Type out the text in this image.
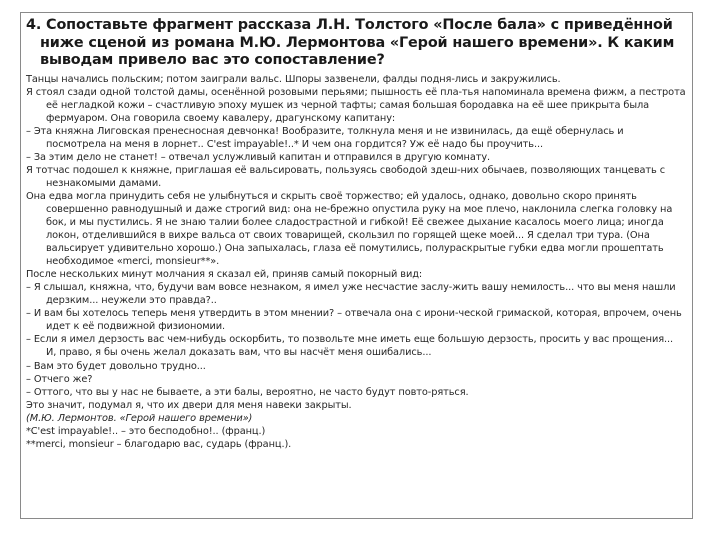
4. Сопоставьте фрагмент рассказа Л.Н. Толстого «После бала» с приведённой ниже сценой из романа М.Ю. Лермонтова «Герой нашего времени». К каким выводам привело вас это сопоставление?

Танцы начались польским; потом заиграли вальс. Шпоры зазвенели, фалды подня-лись и закружились.

Я стоял сзади одной толстой дамы, осенённой розовыми перьями; пышность её пла-тья напоминала времена фижм, а пестрота её негладкой кожи – счастливую эпоху мушек из черной тафты; самая большая бородавка на её шее прикрыта была фермуаром. Она говорила своему кавалеру, драгунскому капитану:

– Эта княжна Лиговская пренесносная девчонка! Вообразите, толкнула меня и не извинилась, да ещё обернулась и посмотрела на меня в лорнет.. C'est impayable!..* И чем она гордится? Уж её надо бы проучить...

– За этим дело не станет! – отвечал услужливый капитан и отправился в другую комнату.

Я тотчас подошел к княжне, приглашая её вальсировать, пользуясь свободой здеш-них обычаев, позволяющих танцевать с незнакомыми дамами.

Она едва могла принудить себя не улыбнуться и скрыть своё торжество; ей удалось, однако, довольно скоро принять совершенно равнодушный и даже строгий вид: она не-брежно опустила руку на мое плечо, наклонила слегка головку на бок, и мы пустились. Я не знаю талии более сладострастной и гибкой! Её свежее дыхание касалось моего лица; иногда локон, отделившийся в вихре вальса от своих товарищей, скользил по горящей щеке моей... Я сделал три тура. (Она вальсирует удивительно хорошо.) Она запыхалась, глаза её помутились, полураскрытые губки едва могли прошептать необходимое «merci, monsieur**».

После нескольких минут молчания я сказал ей, приняв самый покорный вид:

– Я слышал, княжна, что, будучи вам вовсе незнаком, я имел уже несчастие заслу-жить вашу немилость... что вы меня нашли дерзким... неужели это правда?..

– И вам бы хотелось теперь меня утвердить в этом мнении? – отвечала она с ирони-ческой гримаской, которая, впрочем, очень идет к её подвижной физиономии.

– Если я имел дерзость вас чем-нибудь оскорбить, то позвольте мне иметь еще большую дерзость, просить у вас прощения... И, право, я бы очень желал доказать вам, что вы насчёт меня ошибались...

– Вам это будет довольно трудно...

– Отчего же?

– Оттого, что вы у нас не бываете, а эти балы, вероятно, не часто будут повто-ряться.

Это значит, подумал я, что их двери для меня навеки закрыты.

(М.Ю. Лермонтов. «Герой нашего времени»)

*C'est impayable!.. – это бесподобно!.. (франц.)

**merci, monsieur – благодарю вас, сударь (франц.).
